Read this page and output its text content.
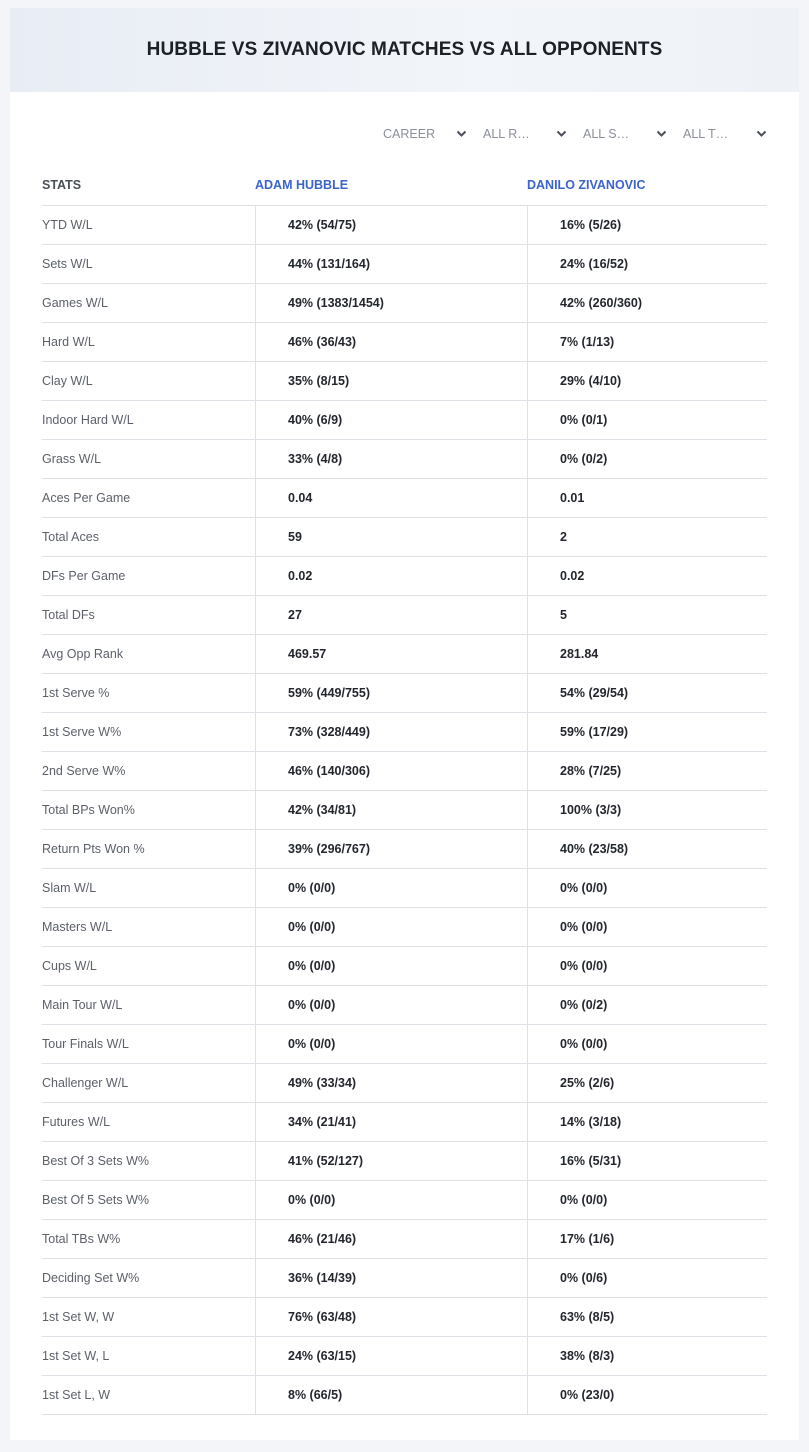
HUBBLE VS ZIVANOVIC MATCHES VS ALL OPPONENTS
CAREER	ALL R…	ALL S…	ALL T…
STATS	ADAM HUBBLE	DANILO ZIVANOVIC
YTD W/L	42% (54/75)	16% (5/26)
Sets W/L	44% (131/164)	24% (16/52)
Games W/L	49% (1383/1454)	42% (260/360)
Hard W/L	46% (36/43)	7% (1/13)
Clay W/L	35% (8/15)	29% (4/10)
Indoor Hard W/L	40% (6/9)	0% (0/1)
Grass W/L	33% (4/8)	0% (0/2)
Aces Per Game	0.04	0.01
Total Aces	59	2
DFs Per Game	0.02	0.02
Total DFs	27	5
Avg Opp Rank	469.57	281.84
1st Serve %	59% (449/755)	54% (29/54)
1st Serve W%	73% (328/449)	59% (17/29)
2nd Serve W%	46% (140/306)	28% (7/25)
Total BPs Won%	42% (34/81)	100% (3/3)
Return Pts Won %	39% (296/767)	40% (23/58)
Slam W/L	0% (0/0)	0% (0/0)
Masters W/L	0% (0/0)	0% (0/0)
Cups W/L	0% (0/0)	0% (0/0)
Main Tour W/L	0% (0/0)	0% (0/2)
Tour Finals W/L	0% (0/0)	0% (0/0)
Challenger W/L	49% (33/34)	25% (2/6)
Futures W/L	34% (21/41)	14% (3/18)
Best Of 3 Sets W%	41% (52/127)	16% (5/31)
Best Of 5 Sets W%	0% (0/0)	0% (0/0)
Total TBs W%	46% (21/46)	17% (1/6)
Deciding Set W%	36% (14/39)	0% (0/6)
1st Set W, W	76% (63/48)	63% (8/5)
1st Set W, L	24% (63/15)	38% (8/3)
1st Set L, W	8% (66/5)	0% (23/0)
